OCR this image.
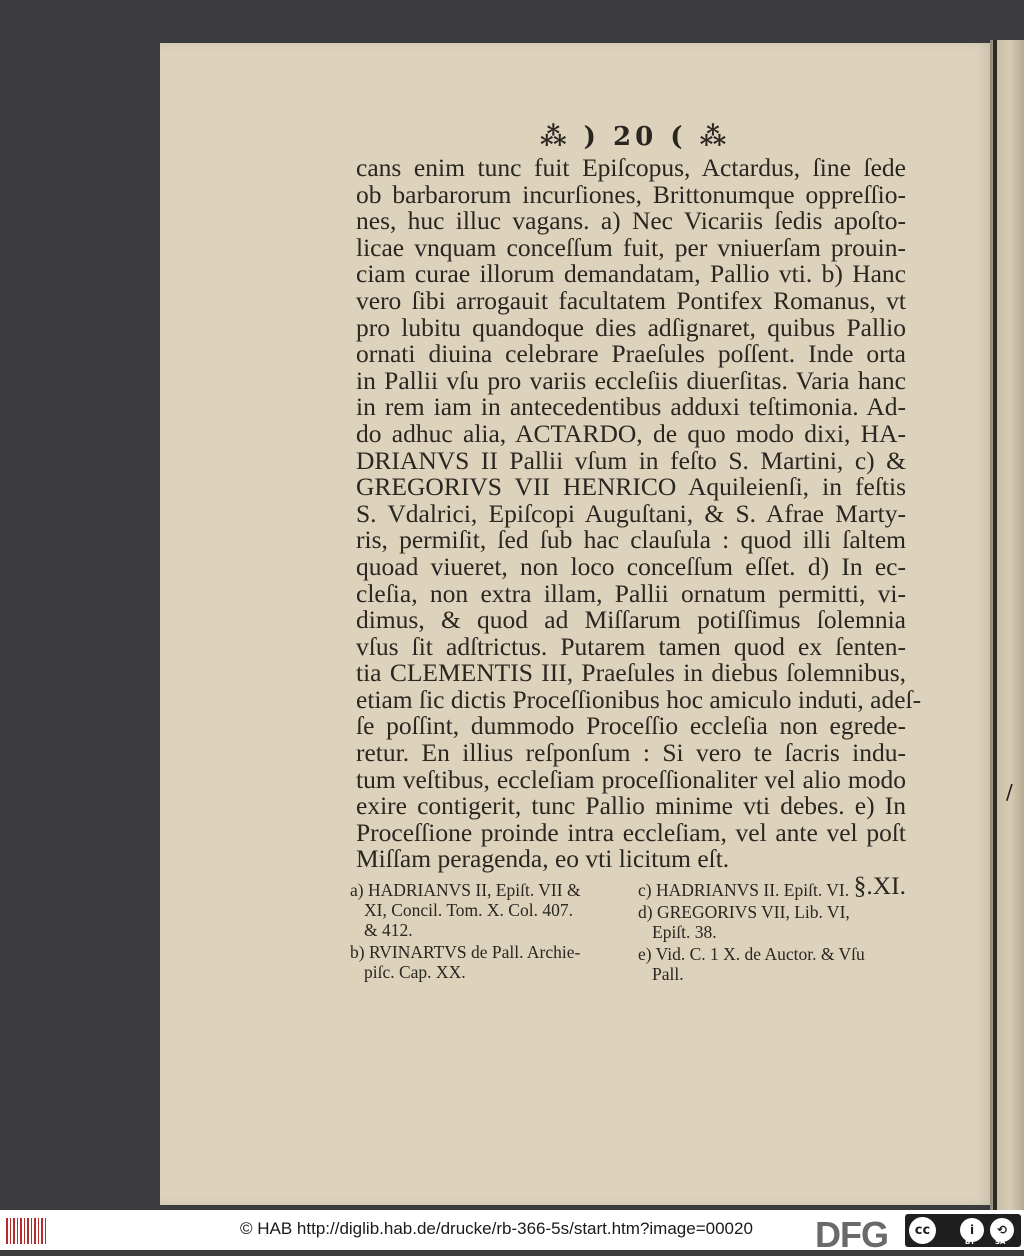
⁂ ) 20 ( ⁂
cans enim tunc fuit Epiſcopus, Actardus, ſine ſede
ob barbarorum incurſiones, Brittonumque oppreſſio-
nes, huc illuc vagans. a) Nec Vicariis ſedis apoſto-
licae vnquam conceſſum fuit, per vniuerſam prouin-
ciam curae illorum demandatam, Pallio vti. b) Hanc
vero ſibi arrogauit facultatem Pontifex Romanus, vt
pro lubitu quandoque dies adſignaret, quibus Pallio
ornati diuina celebrare Praeſules poſſent. Inde orta
in Pallii vſu pro variis eccleſiis diuerſitas. Varia hanc
in rem iam in antecedentibus adduxi teſtimonia. Ad-
do adhuc alia, ACTARDO, de quo modo dixi, HA-
DRIANVS II Pallii vſum in feſto S. Martini, c) &
GREGORIVS VII HENRICO Aquileienſi, in feſtis
S. Vdalrici, Epiſcopi Auguſtani, & S. Afrae Marty-
ris, permiſit, ſed ſub hac clauſula : quod illi ſaltem
quoad viueret, non loco conceſſum eſſet. d) In ec-
cleſia, non extra illam, Pallii ornatum permitti, vi-
dimus, & quod ad Miſſarum potiſſimus ſolemnia
vſus ſit adſtrictus. Putarem tamen quod ex ſenten-
tia CLEMENTIS III, Praeſules in diebus ſolemnibus,
etiam ſic dictis Proceſſionibus hoc amiculo induti, adeſ-
ſe poſſint, dummodo Proceſſio eccleſia non egrede-
retur. En illius reſponſum : Si vero te ſacris indu-
tum veſtibus, eccleſiam proceſſionaliter vel alio modo
exire contigerit, tunc Pallio minime vti debes. e) In
Proceſſione proinde intra eccleſiam, vel ante vel poſt
Miſſam peragenda, eo vti licitum eſt.
§.XI.
a) HADRIANVS II, Epiſt. VII &
XI, Concil. Tom. X. Col. 407.
& 412.
b) RVINARTVS de Pall. Archie-
piſc. Cap. XX.
c) HADRIANVS II. Epiſt. VI.
d) GREGORIVS VII, Lib. VI,
Epiſt. 38.
e) Vid. C. 1 X. de Auctor. & Vſu
Pall.
/
© HAB http://diglib.hab.de/drucke/rb-366-5s/start.htm?image=00020 DFG	cc	i	⟲
BY	SA
